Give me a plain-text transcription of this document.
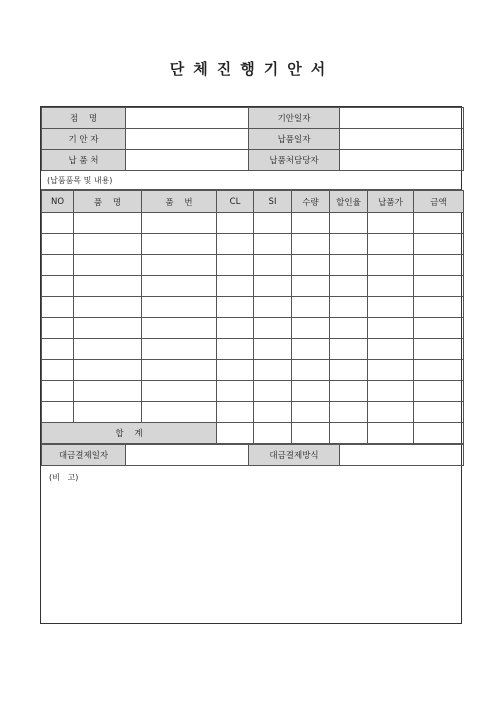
단체진행기안서
점    명		기안일자	
기 안 자		납품일자	
납 품 처		납품처담당자	
(납품품목 및 내용)
NO	품    명	품    번	CL	SI	수량	할인율	납품가	금액

합    계								
대금결제일자		대금결제방식	
(비   고)
